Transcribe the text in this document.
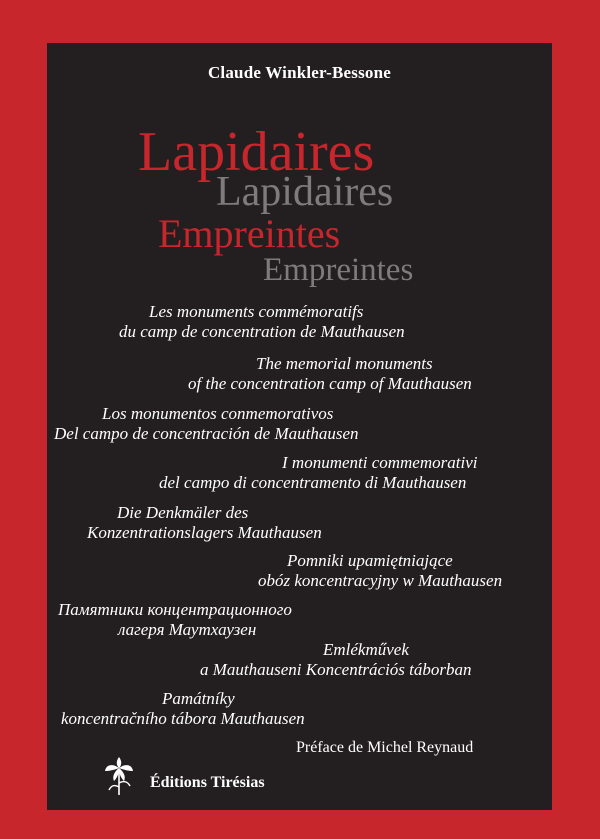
Claude Winkler-Bessone
Lapidaires
Lapidaires
Empreintes
Empreintes
Les monuments commémoratifs
du camp de concentration de Mauthausen
The memorial monuments
of the concentration camp of Mauthausen
Los monumentos conmemorativos
Del campo de concentración de Mauthausen
I monumenti commemorativi
del campo di concentramento di Mauthausen
Die Denkmäler des
Konzentrationslagers Mauthausen
Pomniki upamiętniające
obóz koncentracyjny w Mauthausen
Памятники концентрационного
лагеря Маутхаузен
Emlékművek
a Mauthauseni Koncentrációs táborban
Památníky
koncentračního tábora Mauthausen
Préface de Michel Reynaud
Éditions Tirésias
